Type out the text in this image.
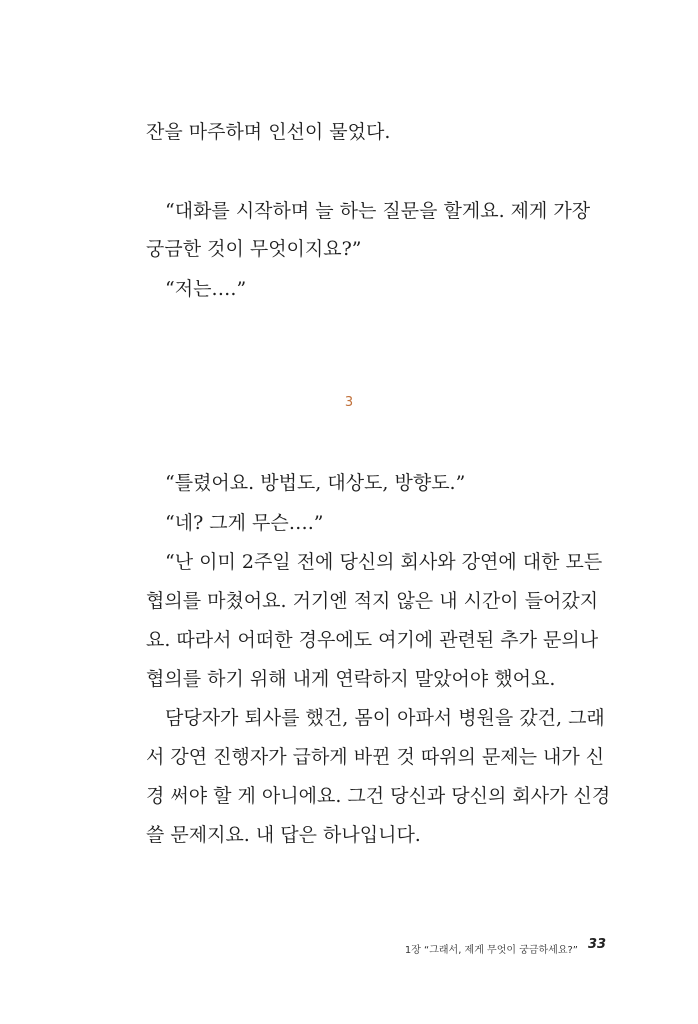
잔을 마주하며 인선이 물었다.
“대화를 시작하며 늘 하는 질문을 할게요. 제게 가장
궁금한 것이 무엇이지요?”
“저는….”
3
“틀렸어요. 방법도, 대상도, 방향도.”
“네? 그게 무슨….”
“난 이미 2주일 전에 당신의 회사와 강연에 대한 모든
협의를 마쳤어요. 거기엔 적지 않은 내 시간이 들어갔지
요. 따라서 어떠한 경우에도 여기에 관련된 추가 문의나
협의를 하기 위해 내게 연락하지 말았어야 했어요.
담당자가 퇴사를 했건, 몸이 아파서 병원을 갔건, 그래
서 강연 진행자가 급하게 바뀐 것 따위의 문제는 내가 신
경 써야 할 게 아니에요. 그건 당신과 당신의 회사가 신경
쓸 문제지요. 내 답은 하나입니다.
1장 “그래서, 제게 무엇이 궁금하세요?” 33
